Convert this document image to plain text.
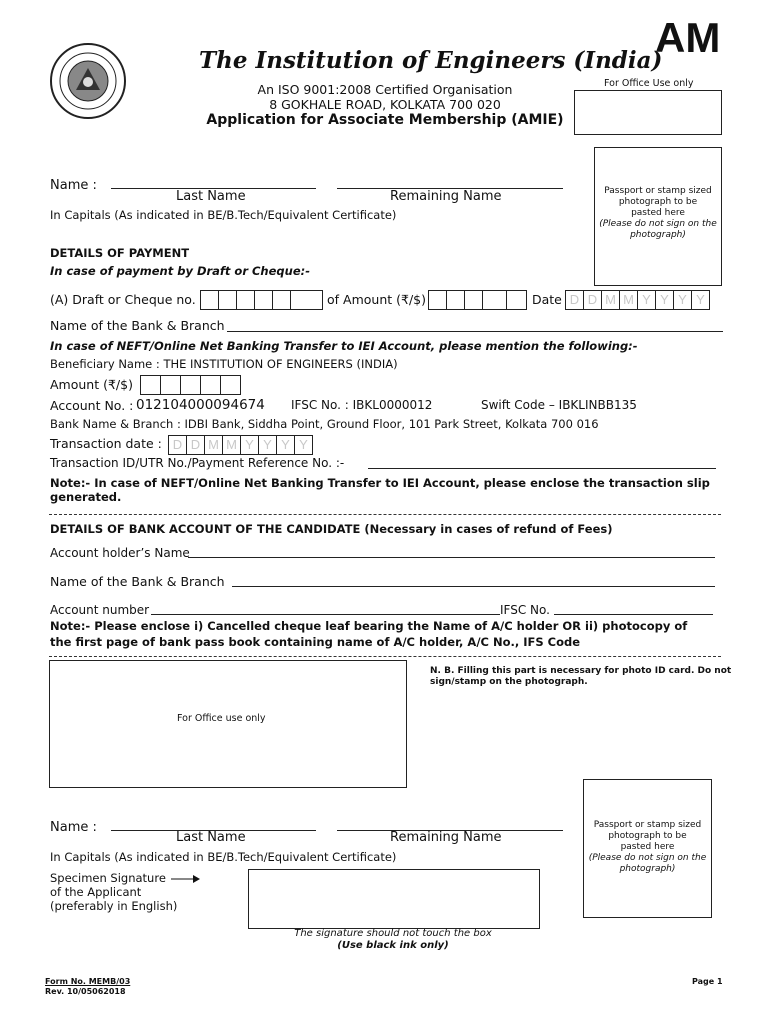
The Institution of Engineers (India)
An ISO 9001:2008 Certified Organisation
8 GOKHALE ROAD, KOLKATA 700 020
Application for Associate Membership (AMIE)
AM
For Office Use only
Passport or stamp sized
photograph to be
pasted here
(Please do not sign on the
photograph)
Name :
Last Name	Remaining Name
In Capitals (As indicated in BE/B.Tech/Equivalent Certificate)
DETAILS OF PAYMENT
In case of payment by Draft or Cheque:-
(A) Draft or Cheque no.	of Amount (₹/$)	Date D D M M Y Y Y Y
Name of the Bank & Branch
In case of NEFT/Online Net Banking Transfer to IEI Account, please mention the following:-
Beneficiary Name : THE INSTITUTION OF ENGINEERS (INDIA)
Amount (₹/$)
Account No. : 012104000094674 IFSC No. : IBKL0000012	Swift Code – IBKLINBB135
Bank Name & Branch : IDBI Bank, Siddha Point, Ground Floor, 101 Park Street, Kolkata 700 016
Transaction date : D D M M Y Y Y Y
Transaction ID/UTR No./Payment Reference No. :-
Note:- In case of NEFT/Online Net Banking Transfer to IEI Account, please enclose the transaction slip
generated.
DETAILS OF BANK ACCOUNT OF THE CANDIDATE (Necessary in cases of refund of Fees)
Account holder’s Name
Name of the Bank & Branch
Account number	IFSC No.
Note:- Please enclose i) Cancelled cheque leaf bearing the Name of A/C holder OR ii) photocopy of
the first page of bank pass book containing name of A/C holder, A/C No., IFS Code
For Office use only
N. B. Filling this part is necessary for photo ID card. Do not
sign/stamp on the photograph.
Passport or stamp sized
photograph to be
pasted here
(Please do not sign on the
photograph)
Name :
Last Name	Remaining Name
In Capitals (As indicated in BE/B.Tech/Equivalent Certificate)
Specimen Signature
of the Applicant
(preferably in English)
The signature should not touch the box
(Use black ink only)
Form No. MEMB/03
Rev. 10/05062018
Page 1
